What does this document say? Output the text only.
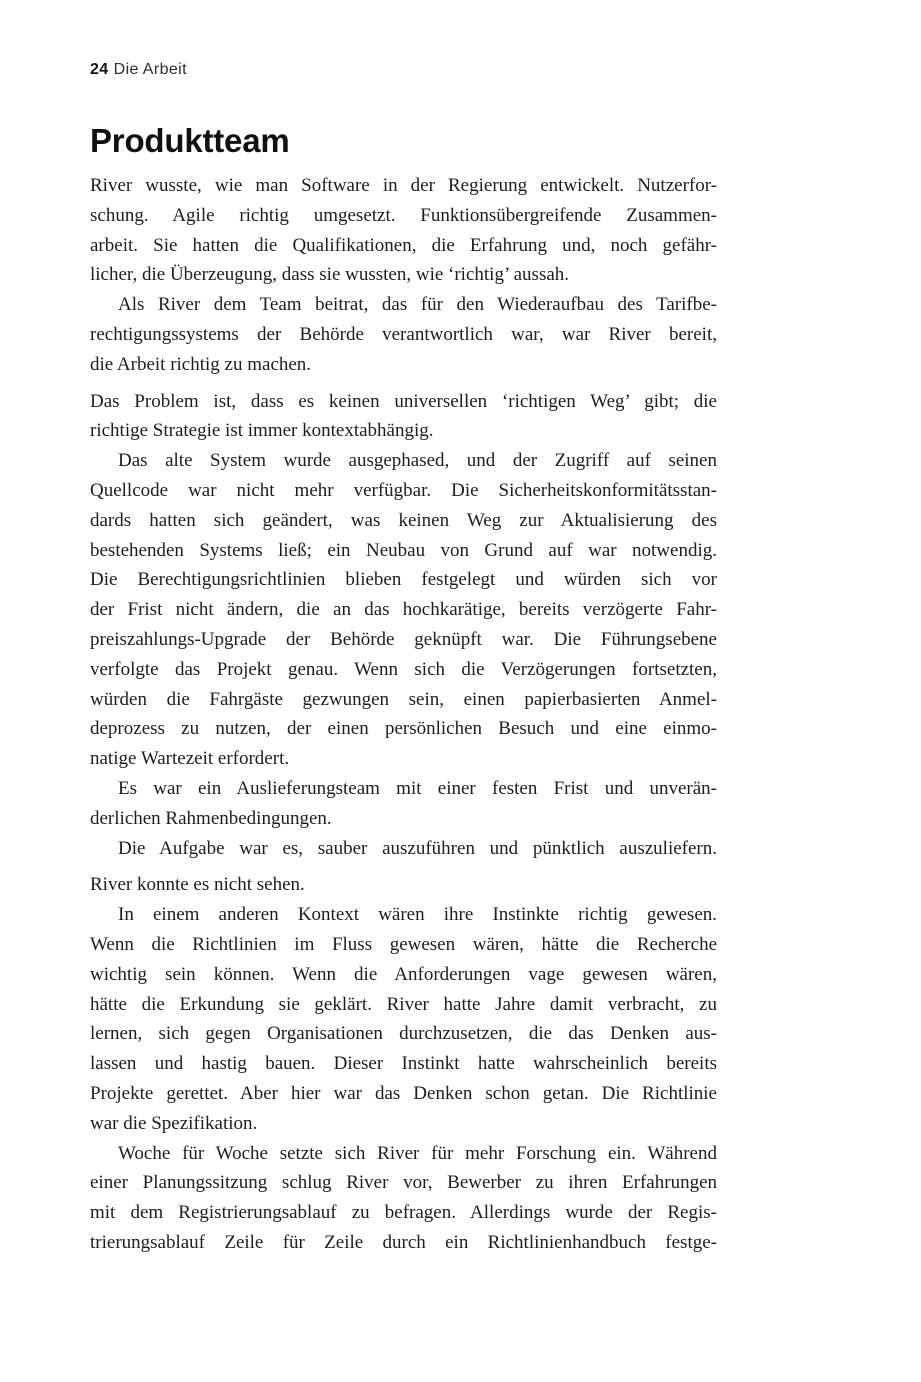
24 Die Arbeit
Produktteam

River wusste, wie man Software in der Regierung entwickelt. Nutzerfor-
schung. Agile richtig umgesetzt. Funktionsübergreifende Zusammen-
arbeit. Sie hatten die Qualifikationen, die Erfahrung und, noch gefähr-
licher, die Überzeugung, dass sie wussten, wie ‘richtig’ aussah.

Als River dem Team beitrat, das für den Wiederaufbau des Tarifbe-
rechtigungssystems der Behörde verantwortlich war, war River bereit,
die Arbeit richtig zu machen.

Das Problem ist, dass es keinen universellen ‘richtigen Weg’ gibt; die
richtige Strategie ist immer kontextabhängig.

Das alte System wurde ausgephased, und der Zugriff auf seinen
Quellcode war nicht mehr verfügbar. Die Sicherheitskonformitätsstan-
dards hatten sich geändert, was keinen Weg zur Aktualisierung des
bestehenden Systems ließ; ein Neubau von Grund auf war notwendig.
Die Berechtigungsrichtlinien blieben festgelegt und würden sich vor
der Frist nicht ändern, die an das hochkarätige, bereits verzögerte Fahr-
preiszahlungs-Upgrade der Behörde geknüpft war. Die Führungsebene
verfolgte das Projekt genau. Wenn sich die Verzögerungen fortsetzten,
würden die Fahrgäste gezwungen sein, einen papierbasierten Anmel-
deprozess zu nutzen, der einen persönlichen Besuch und eine einmo-
natige Wartezeit erfordert.

Es war ein Auslieferungsteam mit einer festen Frist und unverän-
derlichen Rahmenbedingungen.

Die Aufgabe war es, sauber auszuführen und pünktlich auszuliefern.

River konnte es nicht sehen.

In einem anderen Kontext wären ihre Instinkte richtig gewesen.
Wenn die Richtlinien im Fluss gewesen wären, hätte die Recherche
wichtig sein können. Wenn die Anforderungen vage gewesen wären,
hätte die Erkundung sie geklärt. River hatte Jahre damit verbracht, zu
lernen, sich gegen Organisationen durchzusetzen, die das Denken aus-
lassen und hastig bauen. Dieser Instinkt hatte wahrscheinlich bereits
Projekte gerettet. Aber hier war das Denken schon getan. Die Richtlinie
war die Spezifikation.

Woche für Woche setzte sich River für mehr Forschung ein. Während
einer Planungssitzung schlug River vor, Bewerber zu ihren Erfahrungen
mit dem Registrierungsablauf zu befragen. Allerdings wurde der Regis-
trierungsablauf Zeile für Zeile durch ein Richtlinienhandbuch festge-
